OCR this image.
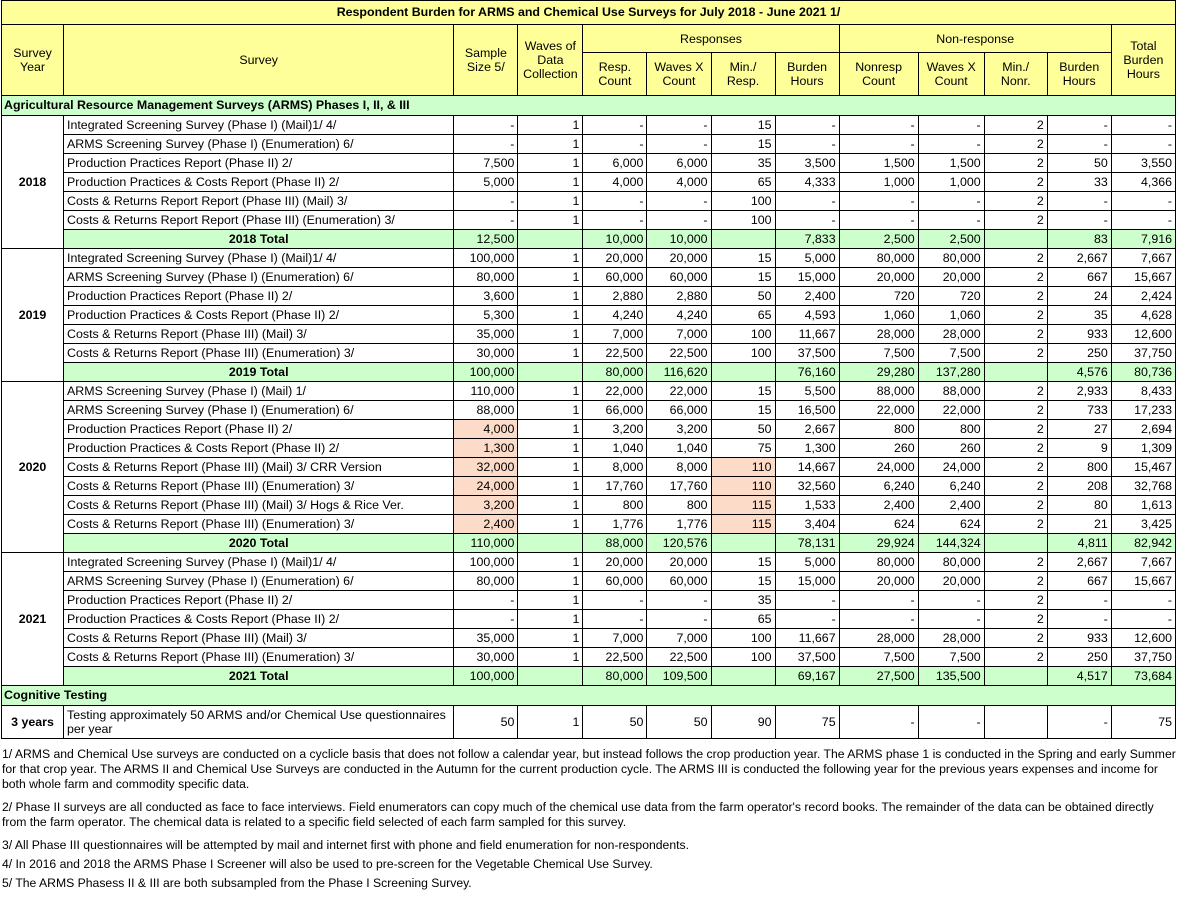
Respondent Burden for ARMS and Chemical Use Surveys for July 2018 - June 2021 1/												
Survey Year	Survey	Sample Size 5/	Waves of Data Collection	Responses				Non-response				Total Burden Hours
				Resp. Count	Waves X Count	Min./ Resp.	Burden Hours	Nonresp Count	Waves X Count	Min./ Nonr.	Burden Hours	
Agricultural Resource Management Surveys (ARMS) Phases I, II, & III												
2018	Integrated Screening Survey (Phase I) (Mail)1/ 4/	-	1	-	-	15	-	-	-	2	-	-
	ARMS Screening Survey (Phase I) (Enumeration) 6/	-	1	-	-	15	-	-	-	2	-	-
	Production Practices Report (Phase II) 2/	7,500	1	6,000	6,000	35	3,500	1,500	1,500	2	50	3,550
	Production Practices & Costs Report (Phase II) 2/	5,000	1	4,000	4,000	65	4,333	1,000	1,000	2	33	4,366
	Costs & Returns Report Report (Phase III) (Mail) 3/	-	1	-	-	100	-	-	-	2	-	-
	Costs & Returns Report Report (Phase III) (Enumeration) 3/	-	1	-	-	100	-	-	-	2	-	-
	2018 Total	12,500		10,000	10,000		7,833	2,500	2,500		83	7,916
2019	Integrated Screening Survey (Phase I) (Mail)1/ 4/	100,000	1	20,000	20,000	15	5,000	80,000	80,000	2	2,667	7,667
	ARMS Screening Survey (Phase I) (Enumeration) 6/	80,000	1	60,000	60,000	15	15,000	20,000	20,000	2	667	15,667
	Production Practices Report (Phase II) 2/	3,600	1	2,880	2,880	50	2,400	720	720	2	24	2,424
	Production Practices & Costs Report (Phase II) 2/	5,300	1	4,240	4,240	65	4,593	1,060	1,060	2	35	4,628
	Costs & Returns Report (Phase III) (Mail) 3/	35,000	1	7,000	7,000	100	11,667	28,000	28,000	2	933	12,600
	Costs & Returns Report (Phase III) (Enumeration) 3/	30,000	1	22,500	22,500	100	37,500	7,500	7,500	2	250	37,750
	2019 Total	100,000		80,000	116,620		76,160	29,280	137,280		4,576	80,736
2020	ARMS Screening Survey (Phase I) (Mail) 1/	110,000	1	22,000	22,000	15	5,500	88,000	88,000	2	2,933	8,433
	ARMS Screening Survey (Phase I) (Enumeration) 6/	88,000	1	66,000	66,000	15	16,500	22,000	22,000	2	733	17,233
	Production Practices Report (Phase II) 2/	4,000	1	3,200	3,200	50	2,667	800	800	2	27	2,694
	Production Practices & Costs Report (Phase II) 2/	1,300	1	1,040	1,040	75	1,300	260	260	2	9	1,309
	Costs & Returns Report (Phase III) (Mail) 3/ CRR Version	32,000	1	8,000	8,000	110	14,667	24,000	24,000	2	800	15,467
	Costs & Returns Report (Phase III) (Enumeration) 3/	24,000	1	17,760	17,760	110	32,560	6,240	6,240	2	208	32,768
	Costs & Returns Report (Phase III) (Mail) 3/ Hogs & Rice Ver.	3,200	1	800	800	115	1,533	2,400	2,400	2	80	1,613
	Costs & Returns Report (Phase III) (Enumeration) 3/	2,400	1	1,776	1,776	115	3,404	624	624	2	21	3,425
	2020 Total	110,000		88,000	120,576		78,131	29,924	144,324		4,811	82,942
2021	Integrated Screening Survey (Phase I) (Mail)1/ 4/	100,000	1	20,000	20,000	15	5,000	80,000	80,000	2	2,667	7,667
	ARMS Screening Survey (Phase I) (Enumeration) 6/	80,000	1	60,000	60,000	15	15,000	20,000	20,000	2	667	15,667
	Production Practices Report (Phase II) 2/	-	1	-	-	35	-	-	-	2	-	-
	Production Practices & Costs Report (Phase II) 2/	-	1	-	-	65	-	-	-	2	-	-
	Costs & Returns Report (Phase III) (Mail) 3/	35,000	1	7,000	7,000	100	11,667	28,000	28,000	2	933	12,600
	Costs & Returns Report (Phase III) (Enumeration) 3/	30,000	1	22,500	22,500	100	37,500	7,500	7,500	2	250	37,750
	2021 Total	100,000		80,000	109,500		69,167	27,500	135,500		4,517	73,684
Cognitive Testing												
3 years	Testing approximately 50 ARMS and/or Chemical Use questionnaires per year	50	1	50	50	90	75	-	-		-	75

1/ ARMS and Chemical Use surveys are conducted on a cyclicle basis that does not follow a calendar year, but instead follows the crop production year. The ARMS phase 1 is conducted in the Spring and early Summer for that crop year. The ARMS II and Chemical Use Surveys are conducted in the Autumn for the current production cycle. The ARMS III is conducted the following year for the previous years expenses and income for both whole farm and commodity specific data.

2/ Phase II surveys are all conducted as face to face interviews. Field enumerators can copy much of the chemical use data from the farm operator's record books. The remainder of the data can be obtained directly from the farm operator. The chemical data is related to a specific field selected of each farm sampled for this survey.

3/ All Phase III questionnaires will be attempted by mail and internet first with phone and field enumeration for non-respondents.

4/ In 2016 and 2018 the ARMS Phase I Screener will also be used to pre-screen for the Vegetable Chemical Use Survey.

5/ The ARMS Phasess II & III are both subsampled from the Phase I Screening Survey.
